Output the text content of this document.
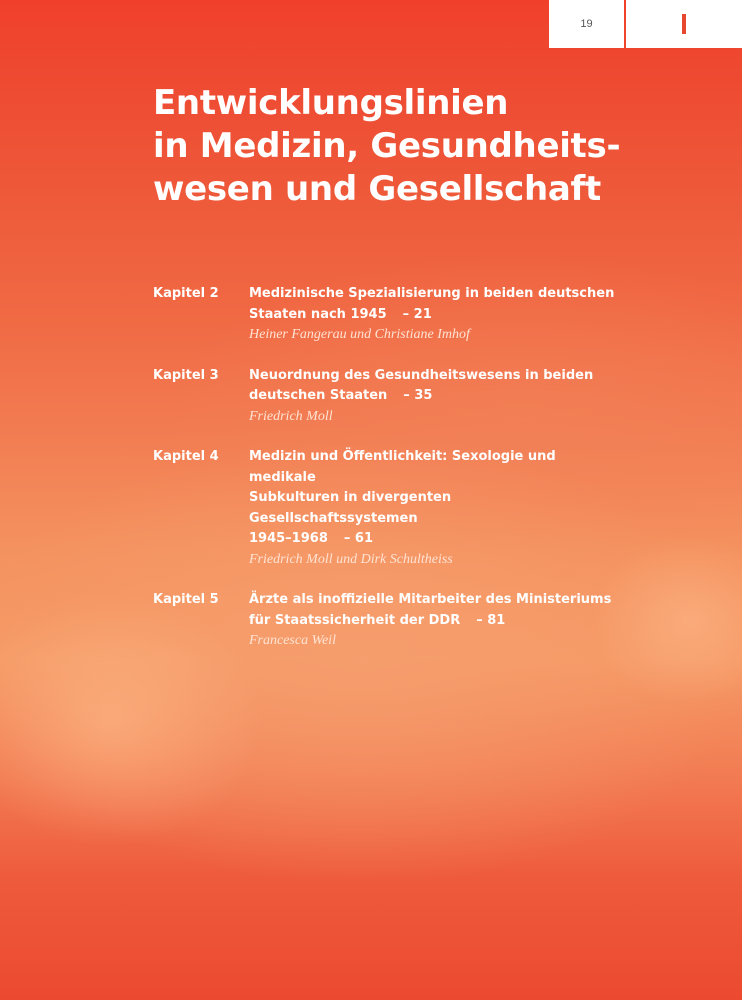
19
Entwicklungslinien
in Medizin, Gesundheits-
wesen und Gesellschaft
Kapitel 2	Medizinische Spezialisierung in beiden deutschen
Staaten nach 1945 – 21
Heiner Fangerau und Christiane Imhof
Kapitel 3	Neuordnung des Gesundheitswesens in beiden
deutschen Staaten – 35
Friedrich Moll
Kapitel 4	Medizin und Öffentlichkeit: Sexologie und medikale
Subkulturen in divergenten Gesellschaftssystemen
1945–1968 – 61
Friedrich Moll und Dirk Schultheiss
Kapitel 5	Ärzte als inoffizielle Mitarbeiter des Ministeriums
für Staatssicherheit der DDR – 81
Francesca Weil
